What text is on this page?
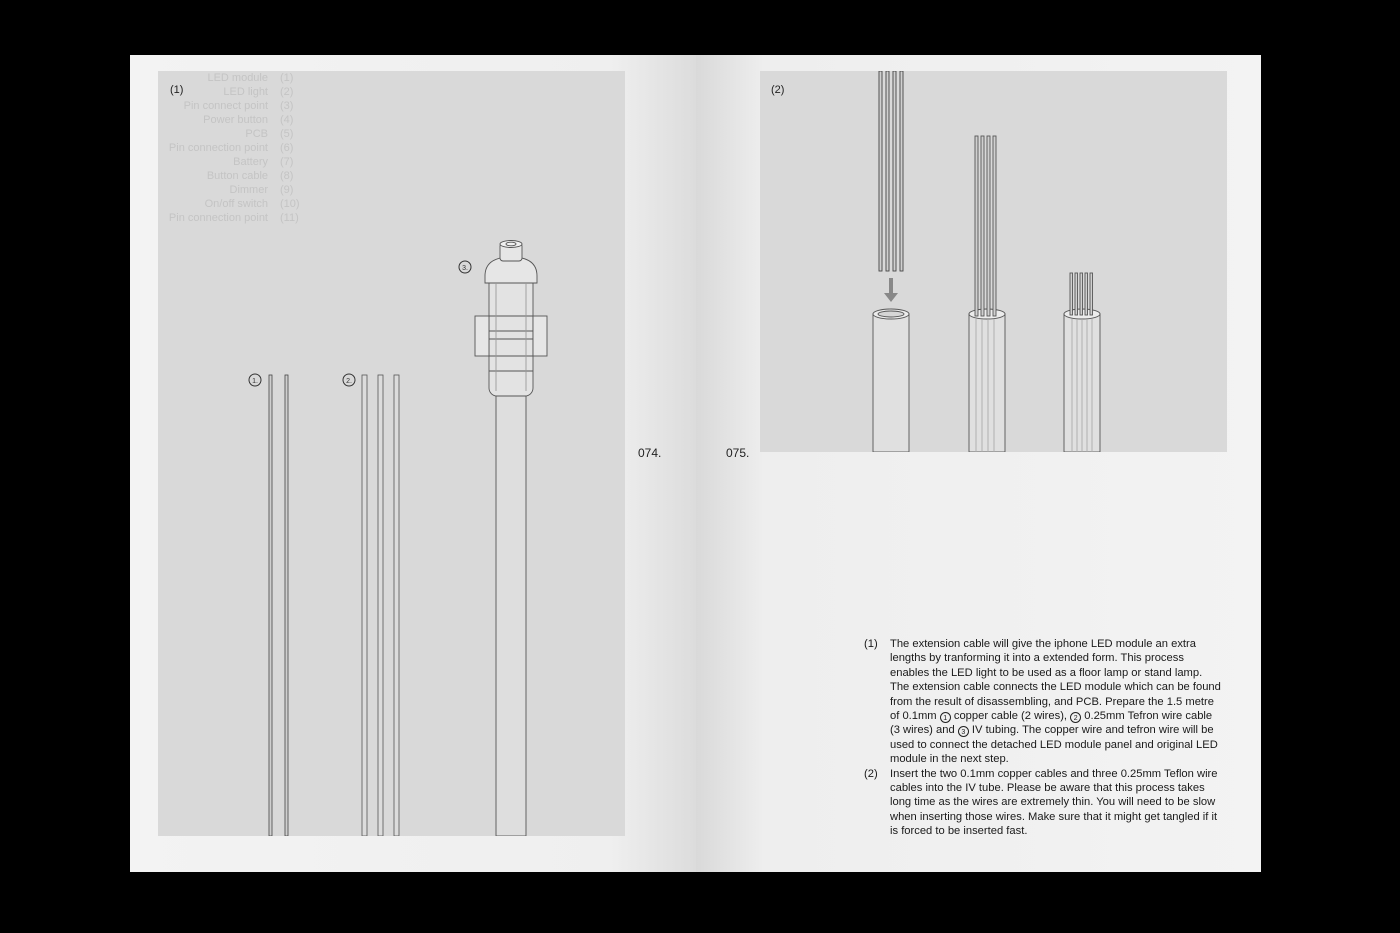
(1)
LED module (1)
LED light (2)
Pin connect point (3)
Power button (4)
PCB (5)
Pin connection point (6)
Battery (7)
Button cable (8)
Dimmer (9)
On/off switch (10)
Pin connection point (11)
1.	2.
3.
074.
(2)
075.

(1) The extension cable will give the iphone LED module an extra lengths by tranforming it into a extended form. This process enables the LED light to be used as a floor lamp or stand lamp. The extension cable connects the LED module which can be found from the result of disassembling, and PCB. Prepare the 1.5 metre of 0.1mm 1 copper cable (2 wires), 2 0.25mm Tefron wire cable (3 wires) and 3 IV tubing. The copper wire and tefron wire will be used to connect the detached LED module panel and original LED module in the next step.

(2) Insert the two 0.1mm copper cables and three 0.25mm Teflon wire cables into the IV tube. Please be aware that this process takes long time as the wires are extremely thin. You will need to be slow when inserting those wires. Make sure that it might get tangled if it is forced to be inserted fast.
